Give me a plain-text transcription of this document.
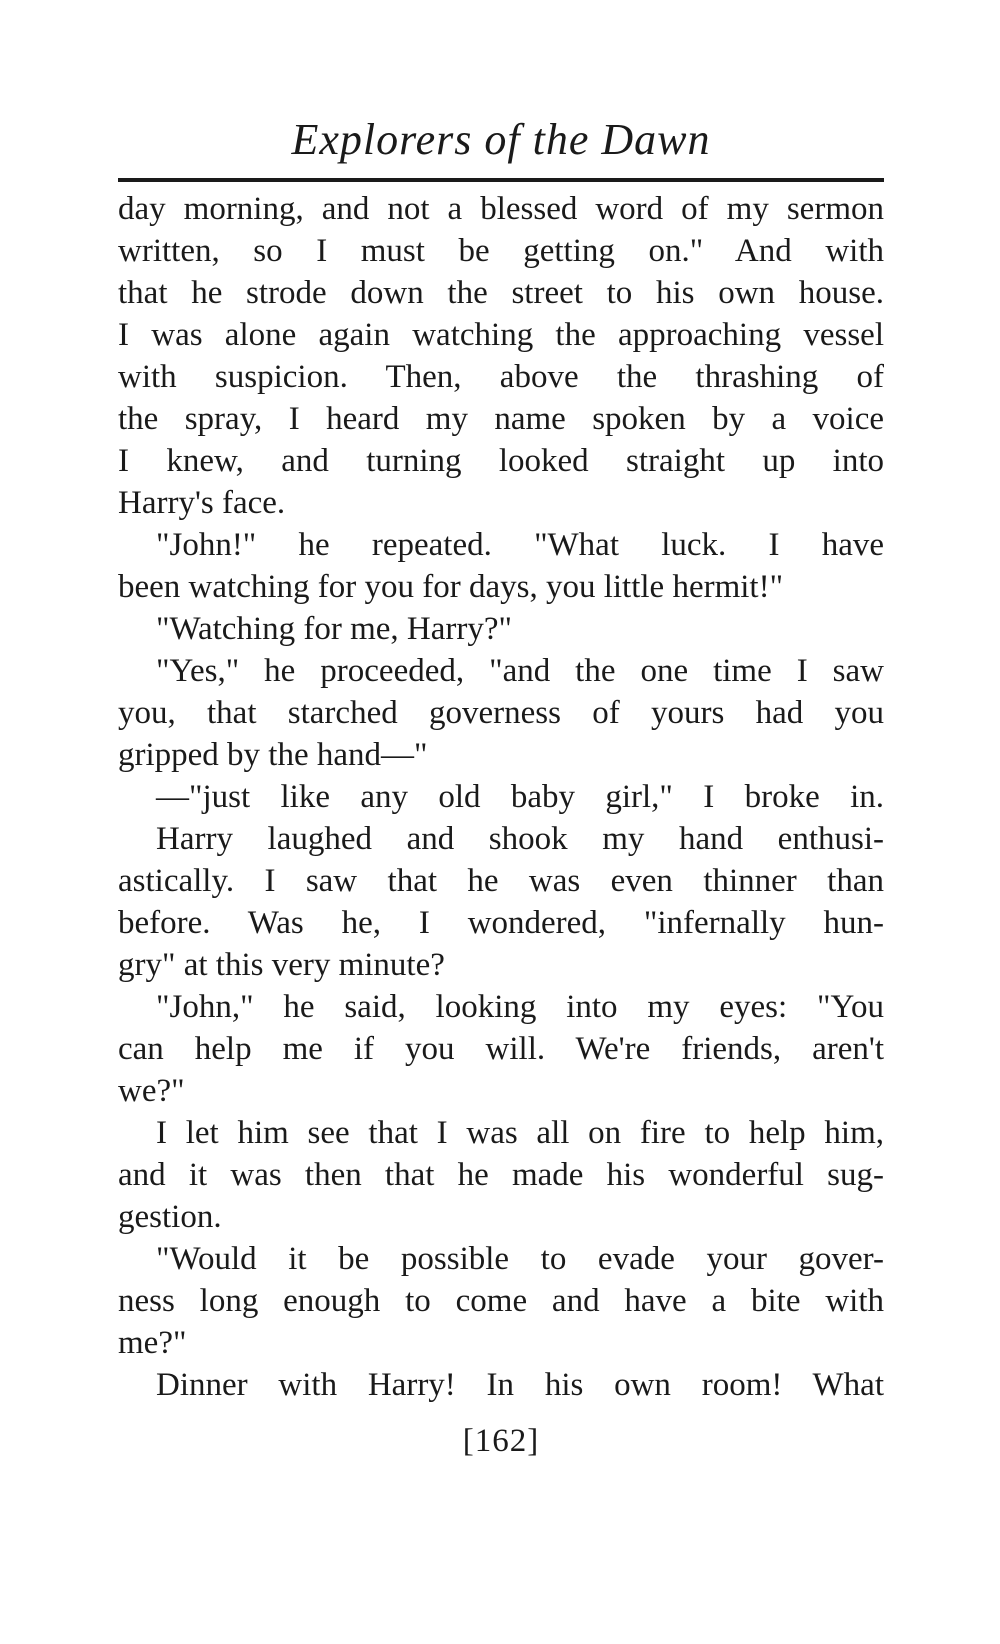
Explorers of the Dawn
day morning, and not a blessed word of my sermon
written, so I must be getting on." And with
that he strode down the street to his own house.
I was alone again watching the approaching vessel
with suspicion. Then, above the thrashing of
the spray, I heard my name spoken by a voice
I knew, and turning looked straight up into
Harry's face.
"John!" he repeated. "What luck. I have
been watching for you for days, you little hermit!"
"Watching for me, Harry?"
"Yes," he proceeded, "and the one time I saw
you, that starched governess of yours had you
gripped by the hand—"
—"just like any old baby girl," I broke in.
Harry laughed and shook my hand enthusi-
astically. I saw that he was even thinner than
before. Was he, I wondered, "infernally hun-
gry" at this very minute?
"John," he said, looking into my eyes: "You
can help me if you will. We're friends, aren't
we?"
I let him see that I was all on fire to help him,
and it was then that he made his wonderful sug-
gestion.
"Would it be possible to evade your gover-
ness long enough to come and have a bite with
me?"
Dinner with Harry! In his own room! What
[162]
